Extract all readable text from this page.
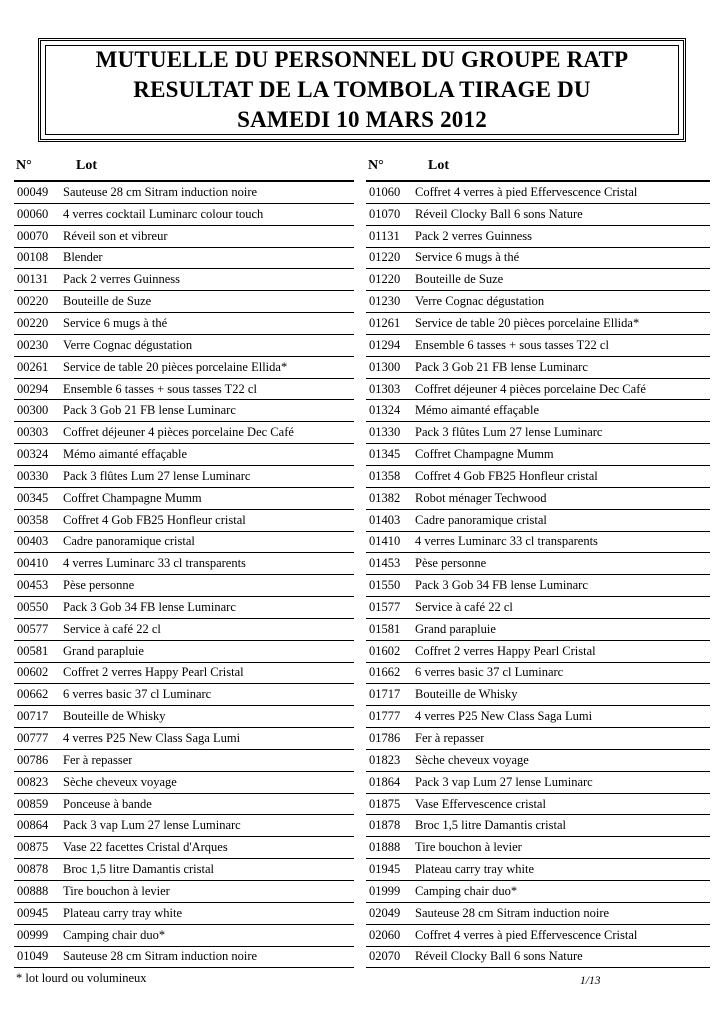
MUTUELLE DU PERSONNEL DU GROUPE RATP
RESULTAT DE LA TOMBOLA TIRAGE DU
SAMEDI 10 MARS 2012
N°	Lot
00049	Sauteuse 28 cm Sitram induction noire
00060	4 verres cocktail Luminarc colour touch
00070	Réveil son et vibreur
00108	Blender
00131	Pack 2 verres Guinness
00220	Bouteille de Suze
00220	Service 6 mugs à thé
00230	Verre Cognac dégustation
00261	Service de table 20 pièces porcelaine Ellida*
00294	Ensemble 6 tasses + sous tasses T22 cl
00300	Pack 3 Gob 21 FB lense Luminarc
00303	Coffret déjeuner 4 pièces porcelaine Dec Café
00324	Mémo aimanté effaçable
00330	Pack 3 flûtes Lum 27 lense Luminarc
00345	Coffret Champagne Mumm
00358	Coffret 4 Gob FB25 Honfleur cristal
00403	Cadre panoramique cristal
00410	4 verres Luminarc 33 cl transparents
00453	Pèse personne
00550	Pack 3 Gob 34 FB lense Luminarc
00577	Service à café 22 cl
00581	Grand parapluie
00602	Coffret 2 verres Happy Pearl Cristal
00662	6 verres basic 37 cl Luminarc
00717	Bouteille de Whisky
00777	4 verres P25 New Class Saga Lumi
00786	Fer à repasser
00823	Sèche cheveux voyage
00859	Ponceuse à bande
00864	Pack 3 vap Lum 27 lense Luminarc
00875	Vase 22 facettes Cristal d'Arques
00878	Broc 1,5 litre Damantis cristal
00888	Tire bouchon à levier
00945	Plateau carry tray white
00999	Camping chair duo*
01049	Sauteuse 28 cm Sitram induction noire
N°	Lot
01060	Coffret 4 verres à pied Effervescence Cristal
01070	Réveil Clocky Ball 6 sons Nature
01131	Pack 2 verres Guinness
01220	Service 6 mugs à thé
01220	Bouteille de Suze
01230	Verre Cognac dégustation
01261	Service de table 20 pièces porcelaine Ellida*
01294	Ensemble 6 tasses + sous tasses T22 cl
01300	Pack 3 Gob 21 FB lense Luminarc
01303	Coffret déjeuner 4 pièces porcelaine Dec Café
01324	Mémo aimanté effaçable
01330	Pack 3 flûtes Lum 27 lense Luminarc
01345	Coffret Champagne Mumm
01358	Coffret 4 Gob FB25 Honfleur cristal
01382	Robot ménager Techwood
01403	Cadre panoramique cristal
01410	4 verres Luminarc 33 cl transparents
01453	Pèse personne
01550	Pack 3 Gob 34 FB lense Luminarc
01577	Service à café 22 cl
01581	Grand parapluie
01602	Coffret 2 verres Happy Pearl Cristal
01662	6 verres basic 37 cl Luminarc
01717	Bouteille de Whisky
01777	4 verres P25 New Class Saga Lumi
01786	Fer à repasser
01823	Sèche cheveux voyage
01864	Pack 3 vap Lum 27 lense Luminarc
01875	Vase Effervescence cristal
01878	Broc 1,5 litre Damantis cristal
01888	Tire bouchon à levier
01945	Plateau carry tray white
01999	Camping chair duo*
02049	Sauteuse 28 cm Sitram induction noire
02060	Coffret 4 verres à pied Effervescence Cristal
02070	Réveil Clocky Ball 6 sons Nature
* lot lourd ou volumineux	1/13
